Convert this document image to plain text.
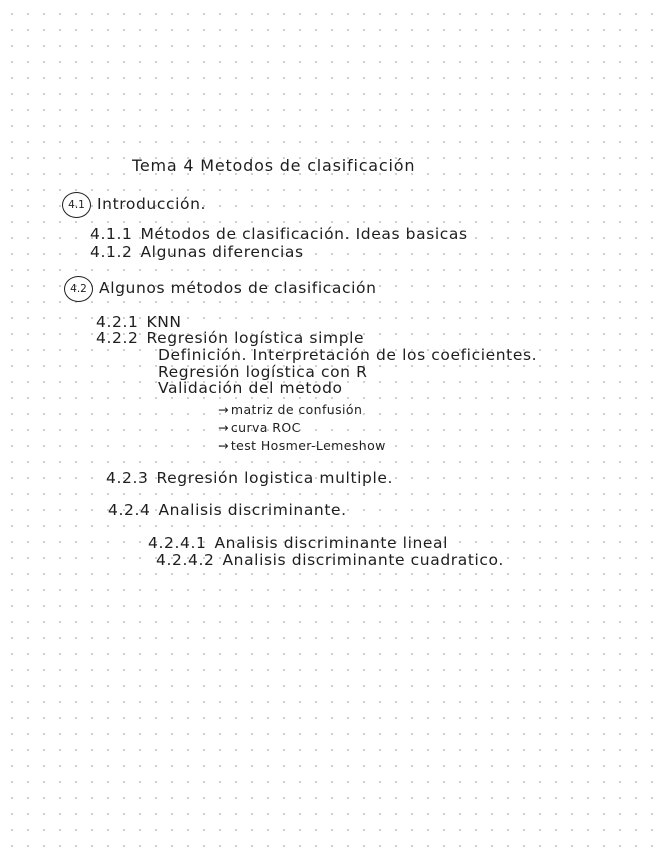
Tema 4 Metodos de clasificación
4.1 Introducción.
4.1.1 Métodos de clasificación. Ideas basicas
4.1.2 Algunas diferencias
4.2 Algunos métodos de clasificación
4.2.1 KNN
4.2.2 Regresión logística simple
Definición. Interpretación de los coeficientes.
Regresión logística con R
Validación del metodo
→ matriz de confusión
→ curva ROC
→ test Hosmer-Lemeshow
4.2.3 Regresión logistica multiple.
4.2.4 Analisis discriminante.
4.2.4.1 Analisis discriminante lineal
4.2.4.2 Analisis discriminante cuadratico.
